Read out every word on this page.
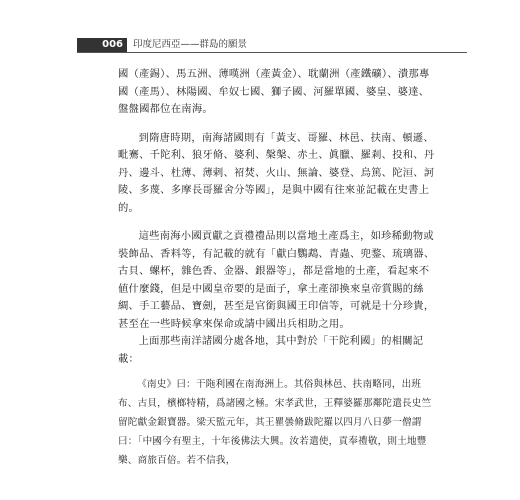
006	印度尼西亞——群島的願景

國（產錫）、馬五洲、薄嘆洲（產黃金）、耽蘭洲（產鐵礦）、潰那專國（產馬）、林陽國、牟奴七國、獅子國、河羅單國、婆皇、婆達、盤盤國都位在南海。

到隋唐時期，南海諸國則有「黃支、哥羅、林邑、扶南、頓遜、毗騫、千陀利、狼牙脩、婆利、槃槃、赤土、眞臘、羅剎、投和、丹丹、邊斗、杜薄、薄剌、袑焚、火山、無論、婆登、烏篤、陀洹、訶陵、多蔑、多摩長哥羅舍分等國」，是與中國有往來並記載在史書上的。

這些南海小國貢獻之貢禮禮品則以當地土產爲主，如珍稀動物或裝飾品、香料等，有記載的就有「獻白鸚鵡、青蟲、兜鍪、琉璃器、古貝、螺杯，雜色香、金器、銀器等」，都是當地的土產，看起來不値什麼錢，但是中國皇帝要的是面子，拿土產卻換來皇帝賞賜的絲綢、手工藝品、寶劍，甚至是官銜與國王印信等，可就是十分珍貴，甚至在一些時候拿來保命或請中國出兵相助之用。

上面那些南洋諸國分處各地，其中對於「干陀利國」的相關記載：

《南史》曰：干陁利國在南海洲上。其俗與林邑、扶南略同，出班布、古貝，檳榔特精，爲諸國之極。宋孝武世，王釋婆羅那鄰陀遣長史竺留陀獻金銀寶器。梁天監元年，其王瞿曇脩跋陀羅以四月八日夢一僧謂曰：「中國今有聖主，十年後佛法大興。汝若遣使，貢奉禮敬，則土地豐樂、商旅百倍。若不信我，
